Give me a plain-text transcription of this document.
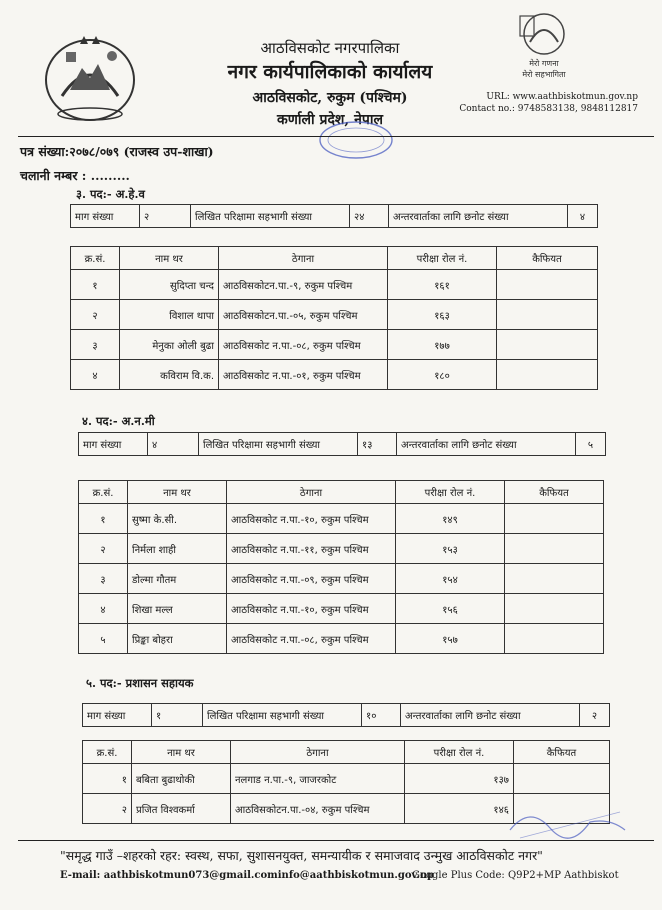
मेरो गणना
मेरो सहभागिता
आठविसकोट नगरपालिका
नगर कार्यपालिकाको कार्यालय
आठविसकोट, रुकुम (पश्चिम)
कर्णाली प्रदेश, नेपाल
URL: www.aathbiskotmun.gov.np
Contact no.: 9748583138, 9848112817
पत्र संख्या:२०७८/०७९ (राजस्व उप-शाखा)
चलानी नम्बर : .........
३. पद:- अ.हे.व
माग संख्या	२	लिखित परिक्षामा सहभागी संख्या	२४	अन्तरवार्ताका लागि छनोट संख्या	४
क्र.सं.	नाम थर	ठेगाना	परीक्षा रोल नं.	कैफियत
१	सुदिप्ता चन्द	आठविसकोटन.पा.-९, रुकुम पश्चिम	१६१	
२	विशाल थापा	आठविसकोटन.पा.-०५, रुकुम पश्चिम	१६३	
३	मेनुका ओली बुढा	आठविसकोट न.पा.-०८, रुकुम पश्चिम	१७७	
४	कविराम वि.क.	आठविसकोट न.पा.-०१, रुकुम पश्चिम	१८०	
४. पद:- अ.न.मी
माग संख्या	४	लिखित परिक्षामा सहभागी संख्या	१३	अन्तरवार्ताका लागि छनोट संख्या	५
क्र.सं.	नाम थर	ठेगाना	परीक्षा रोल नं.	कैफियत
१	सुष्मा के.सी.	आठविसकोट न.पा.-१०, रुकुम पश्चिम	१४९	
२	निर्मला शाही	आठविसकोट न.पा.-११, रुकुम पश्चिम	१५३	
३	डोल्मा गौतम	आठविसकोट न.पा.-०९, रुकुम पश्चिम	१५४	
४	शिखा मल्ल	आठविसकोट न.पा.-१०, रुकुम पश्चिम	१५६	
५	प्रिङ्का बोहरा	आठविसकोट न.पा.-०८, रुकुम पश्चिम	१५७	
५. पद:- प्रशासन सहायक
माग संख्या	१	लिखित परिक्षामा सहभागी संख्या	१०	अन्तरवार्ताका लागि छनोट संख्या	२
क्र.सं.	नाम थर	ठेगाना	परीक्षा रोल नं.	कैफियत
१	बबिता बुढाथोकी	नलगाड न.पा.-९, जाजरकोट	१३७	
२	प्रजित विश्वकर्मा	आठविसकोटन.पा.-०४, रुकुम पश्चिम	१४६	
"समृद्ध गाउँ –शहरको रहर: स्वस्थ, सफा, सुशासनयुक्त, समन्यायीक र समाजवाद उन्मुख आठविसकोट नगर"
E-mail: aathbiskotmun073@gmail.cominfo@aathbiskotmun.gov.np
Google Plus Code: Q9P2+MP Aathbiskot
